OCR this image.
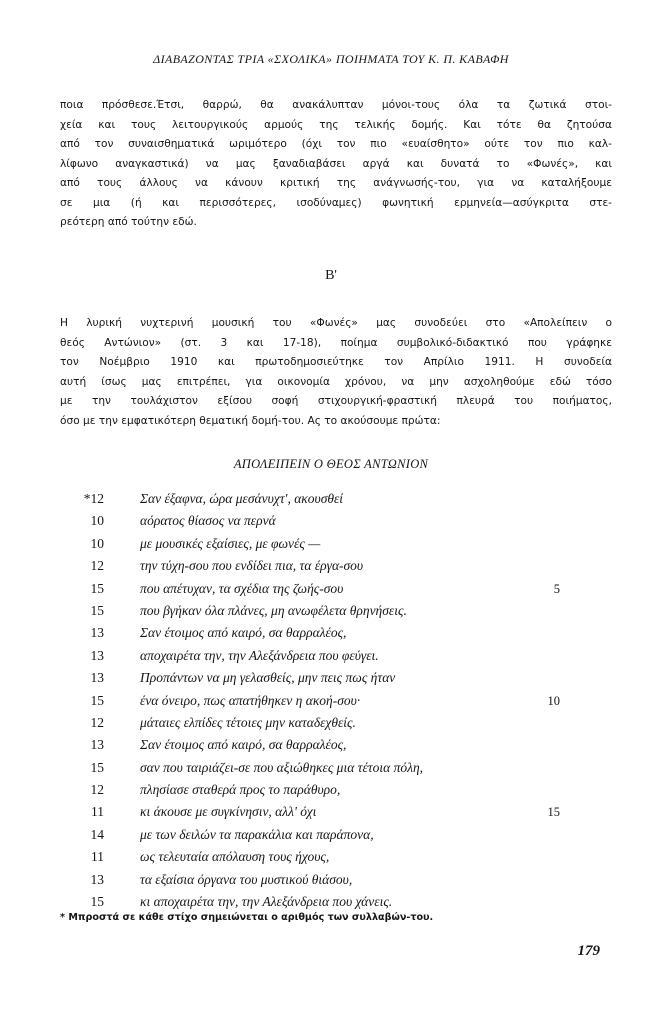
ΔΙΑΒΑΖΟΝΤΑΣ ΤΡΙΑ «ΣΧΟΛΙΚΑ» ΠΟΙΗΜΑΤΑ ΤΟΥ Κ. Π. ΚΑΒΑΦΗ

ποια πρόσθεσε.Έτσι, θαρρώ, θα ανακάλυπταν μόνοι-τους όλα τα ζωτικά στοι-
χεία και τους λειτουργικούς αρμούς της τελικής δομής. Και τότε θα ζητούσα
από τον συναισθηματικά ωριμότερο (όχι τον πιο «ευαίσθητο» ούτε τον πιο καλ-
λίφωνο αναγκαστικά) να μας ξαναδιαβάσει αργά και δυνατά το «Φωνές», και
από τους άλλους να κάνουν κριτική της ανάγνωσής-του, για να καταλήξουμε
σε μια (ή και περισσότερες, ισοδύναμες) φωνητική ερμηνεία—ασύγκριτα στε-
ρεότερη από τούτην εδώ.

Β'

Η λυρική νυχτερινή μουσική του «Φωνές» μας συνοδεύει στο «Απολείπειν ο
θεός Αντώνιον» (στ. 3 και 17-18), ποίημα συμβολικό-διδακτικό που γράφηκε
τον Νοέμβριο 1910 και πρωτοδημοσιεύτηκε τον Απρίλιο 1911. Η συνοδεία
αυτή ίσως μας επιτρέπει, για οικονομία χρόνου, να μην ασχοληθούμε εδώ τόσο
με την τουλάχιστον εξίσου σοφή στιχουργική-φραστική πλευρά του ποιήματος,
όσο με την εμφατικότερη θεματική δομή-του. Ας το ακούσουμε πρώτα:

ΑΠΟΛΕΙΠΕΙΝ Ο ΘΕΟΣ ΑΝΤΩΝΙΟΝ
*12	Σαν έξαφνα, ώρα μεσάνυχτ', ακουσθεί
10	αόρατος θίασος να περνά
10	με μουσικές εξαίσιες, με φωνές —
12	την τύχη-σου που ενδίδει πια, τα έργα-σου
15	που απέτυχαν, τα σχέδια της ζωής-σου	5
15	που βγήκαν όλα πλάνες, μη ανωφέλετα θρηνήσεις.
13	Σαν έτοιμος από καιρό, σα θαρραλέος,
13	αποχαιρέτα την, την Αλεξάνδρεια που φεύγει.
13	Προπάντων να μη γελασθείς, μην πεις πως ήταν
15	ένα όνειρο, πως απατήθηκεν η ακοή-σου·	10
12	μάταιες ελπίδες τέτοιες μην καταδεχθείς.
13	Σαν έτοιμος από καιρό, σα θαρραλέος,
15	σαν που ταιριάζει-σε που αξιώθηκες μια τέτοια πόλη,
12	πλησίασε σταθερά προς το παράθυρο,
11	κι άκουσε με συγκίνησιν, αλλ' όχι	15
14	με των δειλών τα παρακάλια και παράπονα,
11	ως τελευταία απόλαυση τους ήχους,
13	τα εξαίσια όργανα του μυστικού θιάσου,
15	κι αποχαιρέτα την, την Αλεξάνδρεια που χάνεις.
* Μπροστά σε κάθε στίχο σημειώνεται ο αριθμός των συλλαβών-του.
179
